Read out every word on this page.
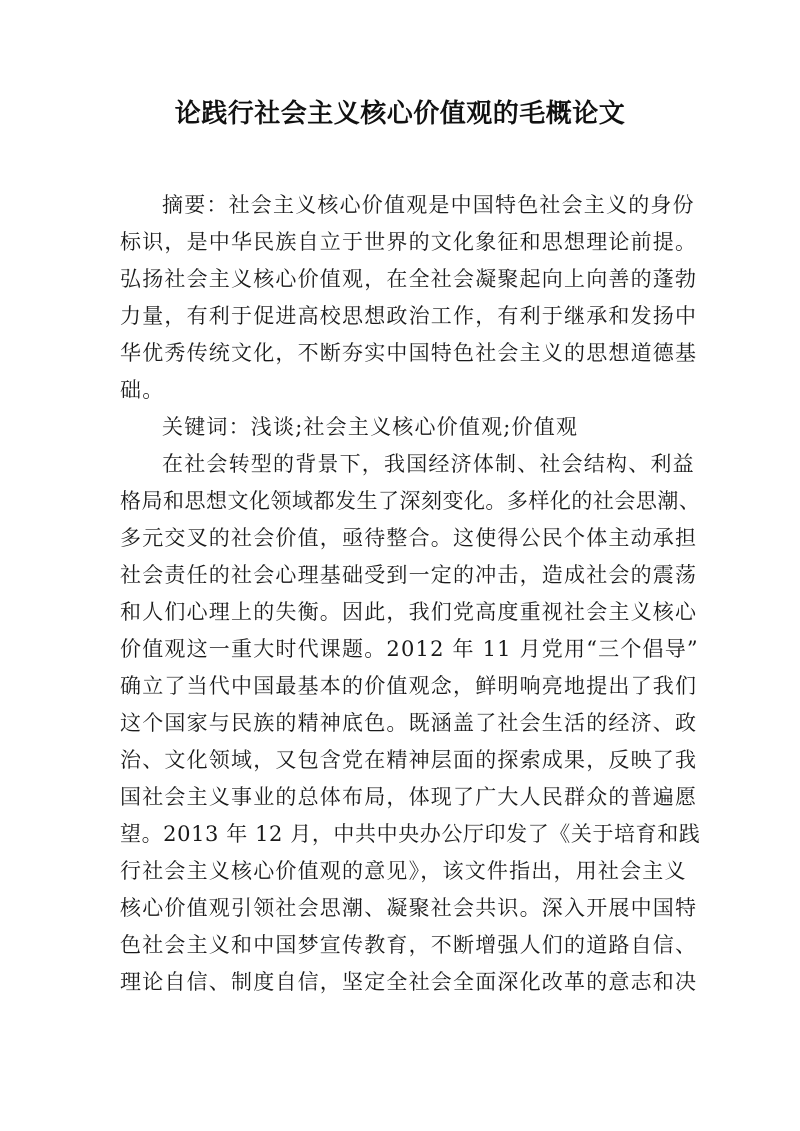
论践行社会主义核心价值观的毛概论文
摘要：社会主义核心价值观是中国特色社会主义的身份
标识，是中华民族自立于世界的文化象征和思想理论前提。
弘扬社会主义核心价值观，在全社会凝聚起向上向善的蓬勃
力量，有利于促进高校思想政治工作，有利于继承和发扬中
华优秀传统文化，不断夯实中国特色社会主义的思想道德基
础。
关键词：浅谈;社会主义核心价值观;价值观
在社会转型的背景下，我国经济体制、社会结构、利益
格局和思想文化领域都发生了深刻变化。多样化的社会思潮、
多元交叉的社会价值，亟待整合。这使得公民个体主动承担
社会责任的社会心理基础受到一定的冲击，造成社会的震荡
和人们心理上的失衡。因此，我们党高度重视社会主义核心
价值观这一重大时代课题。2012 年 11 月党用“三个倡导”
确立了当代中国最基本的价值观念，鲜明响亮地提出了我们
这个国家与民族的精神底色。既涵盖了社会生活的经济、政
治、文化领域，又包含党在精神层面的探索成果，反映了我
国社会主义事业的总体布局，体现了广大人民群众的普遍愿
望。2013 年 12 月，中共中央办公厅印发了《关于培育和践
行社会主义核心价值观的意见》，该文件指出，用社会主义
核心价值观引领社会思潮、凝聚社会共识。深入开展中国特
色社会主义和中国梦宣传教育，不断增强人们的道路自信、
理论自信、制度自信，坚定全社会全面深化改革的意志和决
